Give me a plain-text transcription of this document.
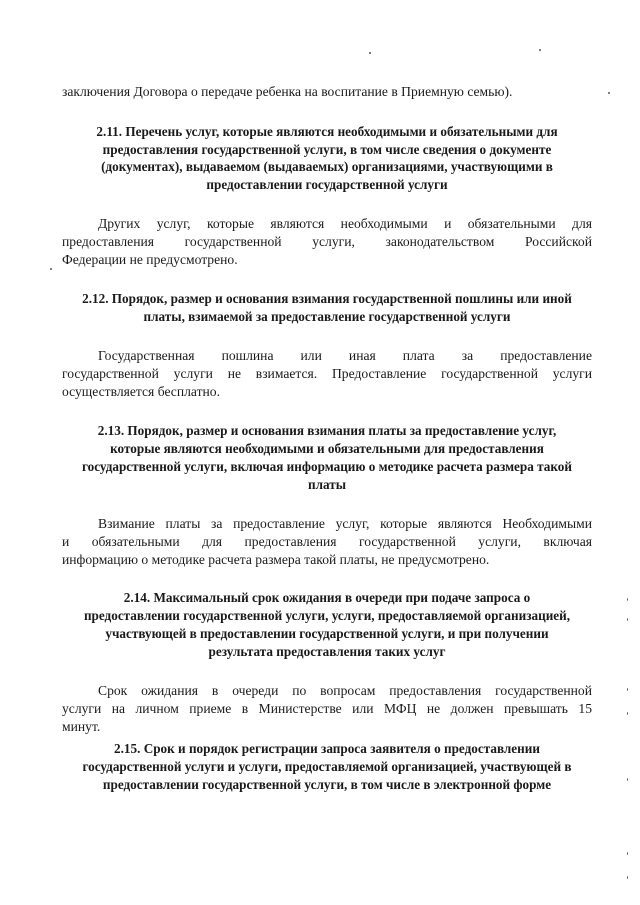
заключения Договора о передаче ребенка на воспитание в Приемную семью).
2.11. Перечень услуг, которые являются необходимыми и обязательными для
предоставления государственной услуги, в том числе сведения о документе
(документах), выдаваемом (выдаваемых) организациями, участвующими в
предоставлении государственной услуги
Других услуг, которые являются необходимыми и обязательными для
предоставления государственной услуги, законодательством Российской
Федерации не предусмотрено.
2.12. Порядок, размер и основания взимания государственной пошлины или иной
платы, взимаемой за предоставление государственной услуги
Государственная пошлина или иная плата за предоставление
государственной услуги не взимается. Предоставление государственной услуги
осуществляется бесплатно.
2.13. Порядок, размер и основания взимания платы за предоставление услуг,
которые являются необходимыми и обязательными для предоставления
государственной услуги, включая информацию о методике расчета размера такой
платы
Взимание платы за предоставление услуг, которые являются Необходимыми
и обязательными для предоставления государственной услуги, включая
информацию о методике расчета размера такой платы, не предусмотрено.
2.14. Максимальный срок ожидания в очереди при подаче запроса о
предоставлении государственной услуги, услуги, предоставляемой организацией,
участвующей в предоставлении государственной услуги, и при получении
результата предоставления таких услуг
Срок ожидания в очереди по вопросам предоставления государственной
услуги на личном приеме в Министерстве или МФЦ не должен превышать 15
минут.
2.15. Срок и порядок регистрации запроса заявителя о предоставлении
государственной услуги и услуги, предоставляемой организацией, участвующей в
предоставлении государственной услуги, в том числе в электронной форме
